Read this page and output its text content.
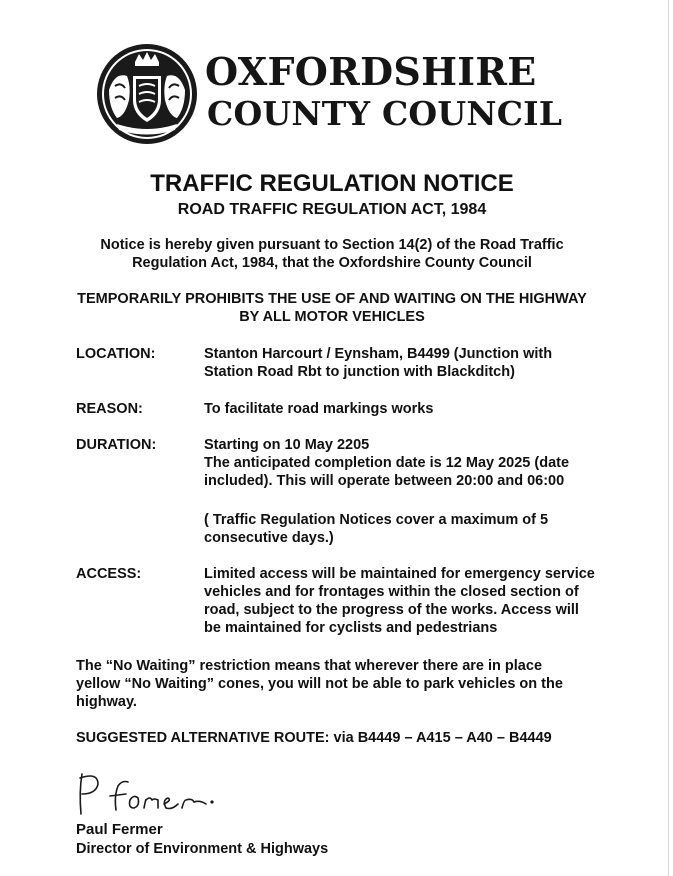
OXFORDSHIRE
COUNTY COUNCIL
TRAFFIC REGULATION NOTICE
ROAD TRAFFIC REGULATION ACT, 1984
Notice is hereby given pursuant to Section 14(2) of the Road Traffic
Regulation Act, 1984, that the Oxfordshire County Council
TEMPORARILY PROHIBITS THE USE OF AND WAITING ON THE HIGHWAY
BY ALL MOTOR VEHICLES
LOCATION:	Stanton Harcourt / Eynsham, B4499 (Junction with
Station Road Rbt to junction with Blackditch)
REASON:	To facilitate road markings works
DURATION:	Starting on 10 May 2205
The anticipated completion date is 12 May 2025 (date
included). This will operate between 20:00 and 06:00
( Traffic Regulation Notices cover a maximum of 5
consecutive days.)
ACCESS:	Limited access will be maintained for emergency service
vehicles and for frontages within the closed section of
road, subject to the progress of the works. Access will
be maintained for cyclists and pedestrians
The “No Waiting” restriction means that wherever there are in place
yellow “No Waiting” cones, you will not be able to park vehicles on the
highway.
SUGGESTED ALTERNATIVE ROUTE: via B4449 – A415 – A40 – B4449
Paul Fermer
Director of Environment & Highways
